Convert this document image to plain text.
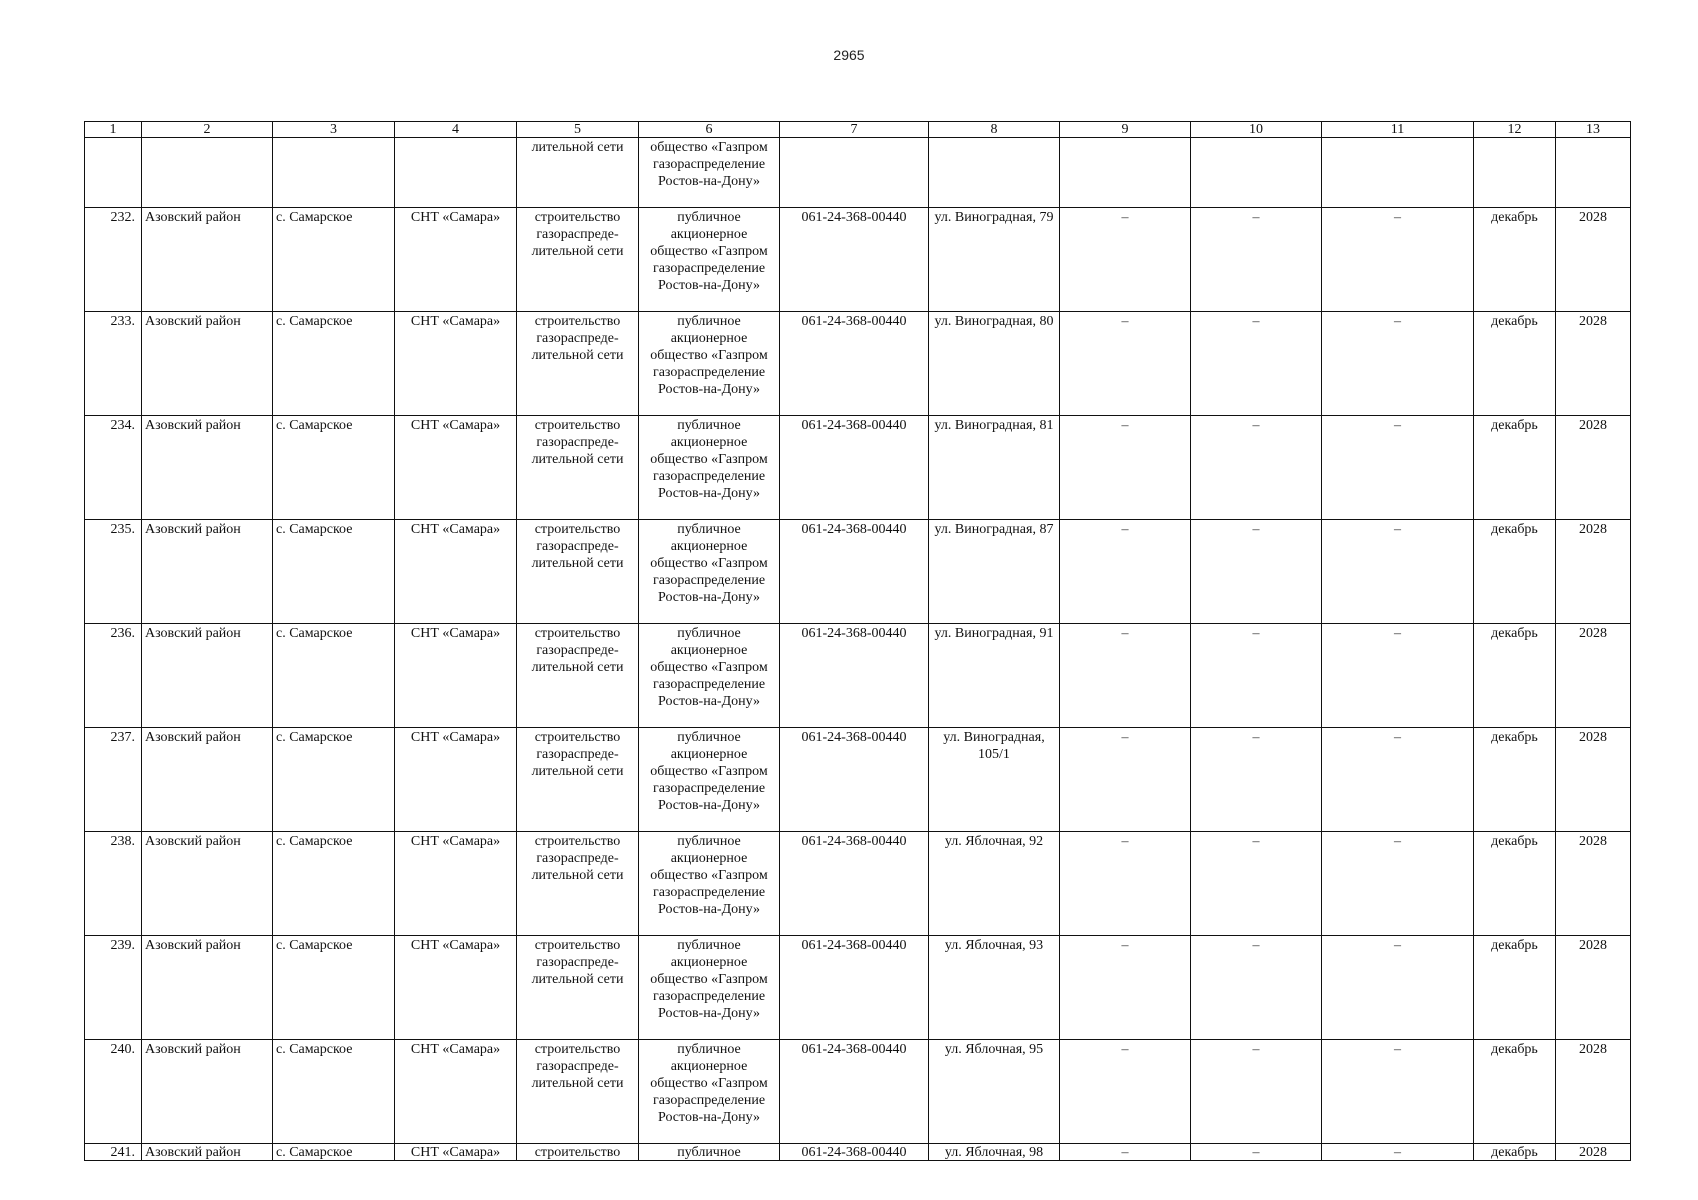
2965
1	2	3	4	5	6	7	8	9	10	11	12	13
				лительной сети	общество «Газпром газораспределение Ростов-на-Дону»							
232.	Азовский район	с. Самарское	СНТ «Самара»	строительство газораспреде-лительной сети	публичное акционерное общество «Газпром газораспределение Ростов-на-Дону»	061-24-368-00440	ул. Виноградная, 79	–	–	–	декабрь	2028
233.	Азовский район	с. Самарское	СНТ «Самара»	строительство газораспреде-лительной сети	публичное акционерное общество «Газпром газораспределение Ростов-на-Дону»	061-24-368-00440	ул. Виноградная, 80	–	–	–	декабрь	2028
234.	Азовский район	с. Самарское	СНТ «Самара»	строительство газораспреде-лительной сети	публичное акционерное общество «Газпром газораспределение Ростов-на-Дону»	061-24-368-00440	ул. Виноградная, 81	–	–	–	декабрь	2028
235.	Азовский район	с. Самарское	СНТ «Самара»	строительство газораспреде-лительной сети	публичное акционерное общество «Газпром газораспределение Ростов-на-Дону»	061-24-368-00440	ул. Виноградная, 87	–	–	–	декабрь	2028
236.	Азовский район	с. Самарское	СНТ «Самара»	строительство газораспреде-лительной сети	публичное акционерное общество «Газпром газораспределение Ростов-на-Дону»	061-24-368-00440	ул. Виноградная, 91	–	–	–	декабрь	2028
237.	Азовский район	с. Самарское	СНТ «Самара»	строительство газораспреде-лительной сети	публичное акционерное общество «Газпром газораспределение Ростов-на-Дону»	061-24-368-00440	ул. Виноградная, 105/1	–	–	–	декабрь	2028
238.	Азовский район	с. Самарское	СНТ «Самара»	строительство газораспреде-лительной сети	публичное акционерное общество «Газпром газораспределение Ростов-на-Дону»	061-24-368-00440	ул. Яблочная, 92	–	–	–	декабрь	2028
239.	Азовский район	с. Самарское	СНТ «Самара»	строительство газораспреде-лительной сети	публичное акционерное общество «Газпром газораспределение Ростов-на-Дону»	061-24-368-00440	ул. Яблочная, 93	–	–	–	декабрь	2028
240.	Азовский район	с. Самарское	СНТ «Самара»	строительство газораспреде-лительной сети	публичное акционерное общество «Газпром газораспределение Ростов-на-Дону»	061-24-368-00440	ул. Яблочная, 95	–	–	–	декабрь	2028
241.	Азовский район	с. Самарское	СНТ «Самара»	строительство	публичное	061-24-368-00440	ул. Яблочная, 98	–	–	–	декабрь	2028
